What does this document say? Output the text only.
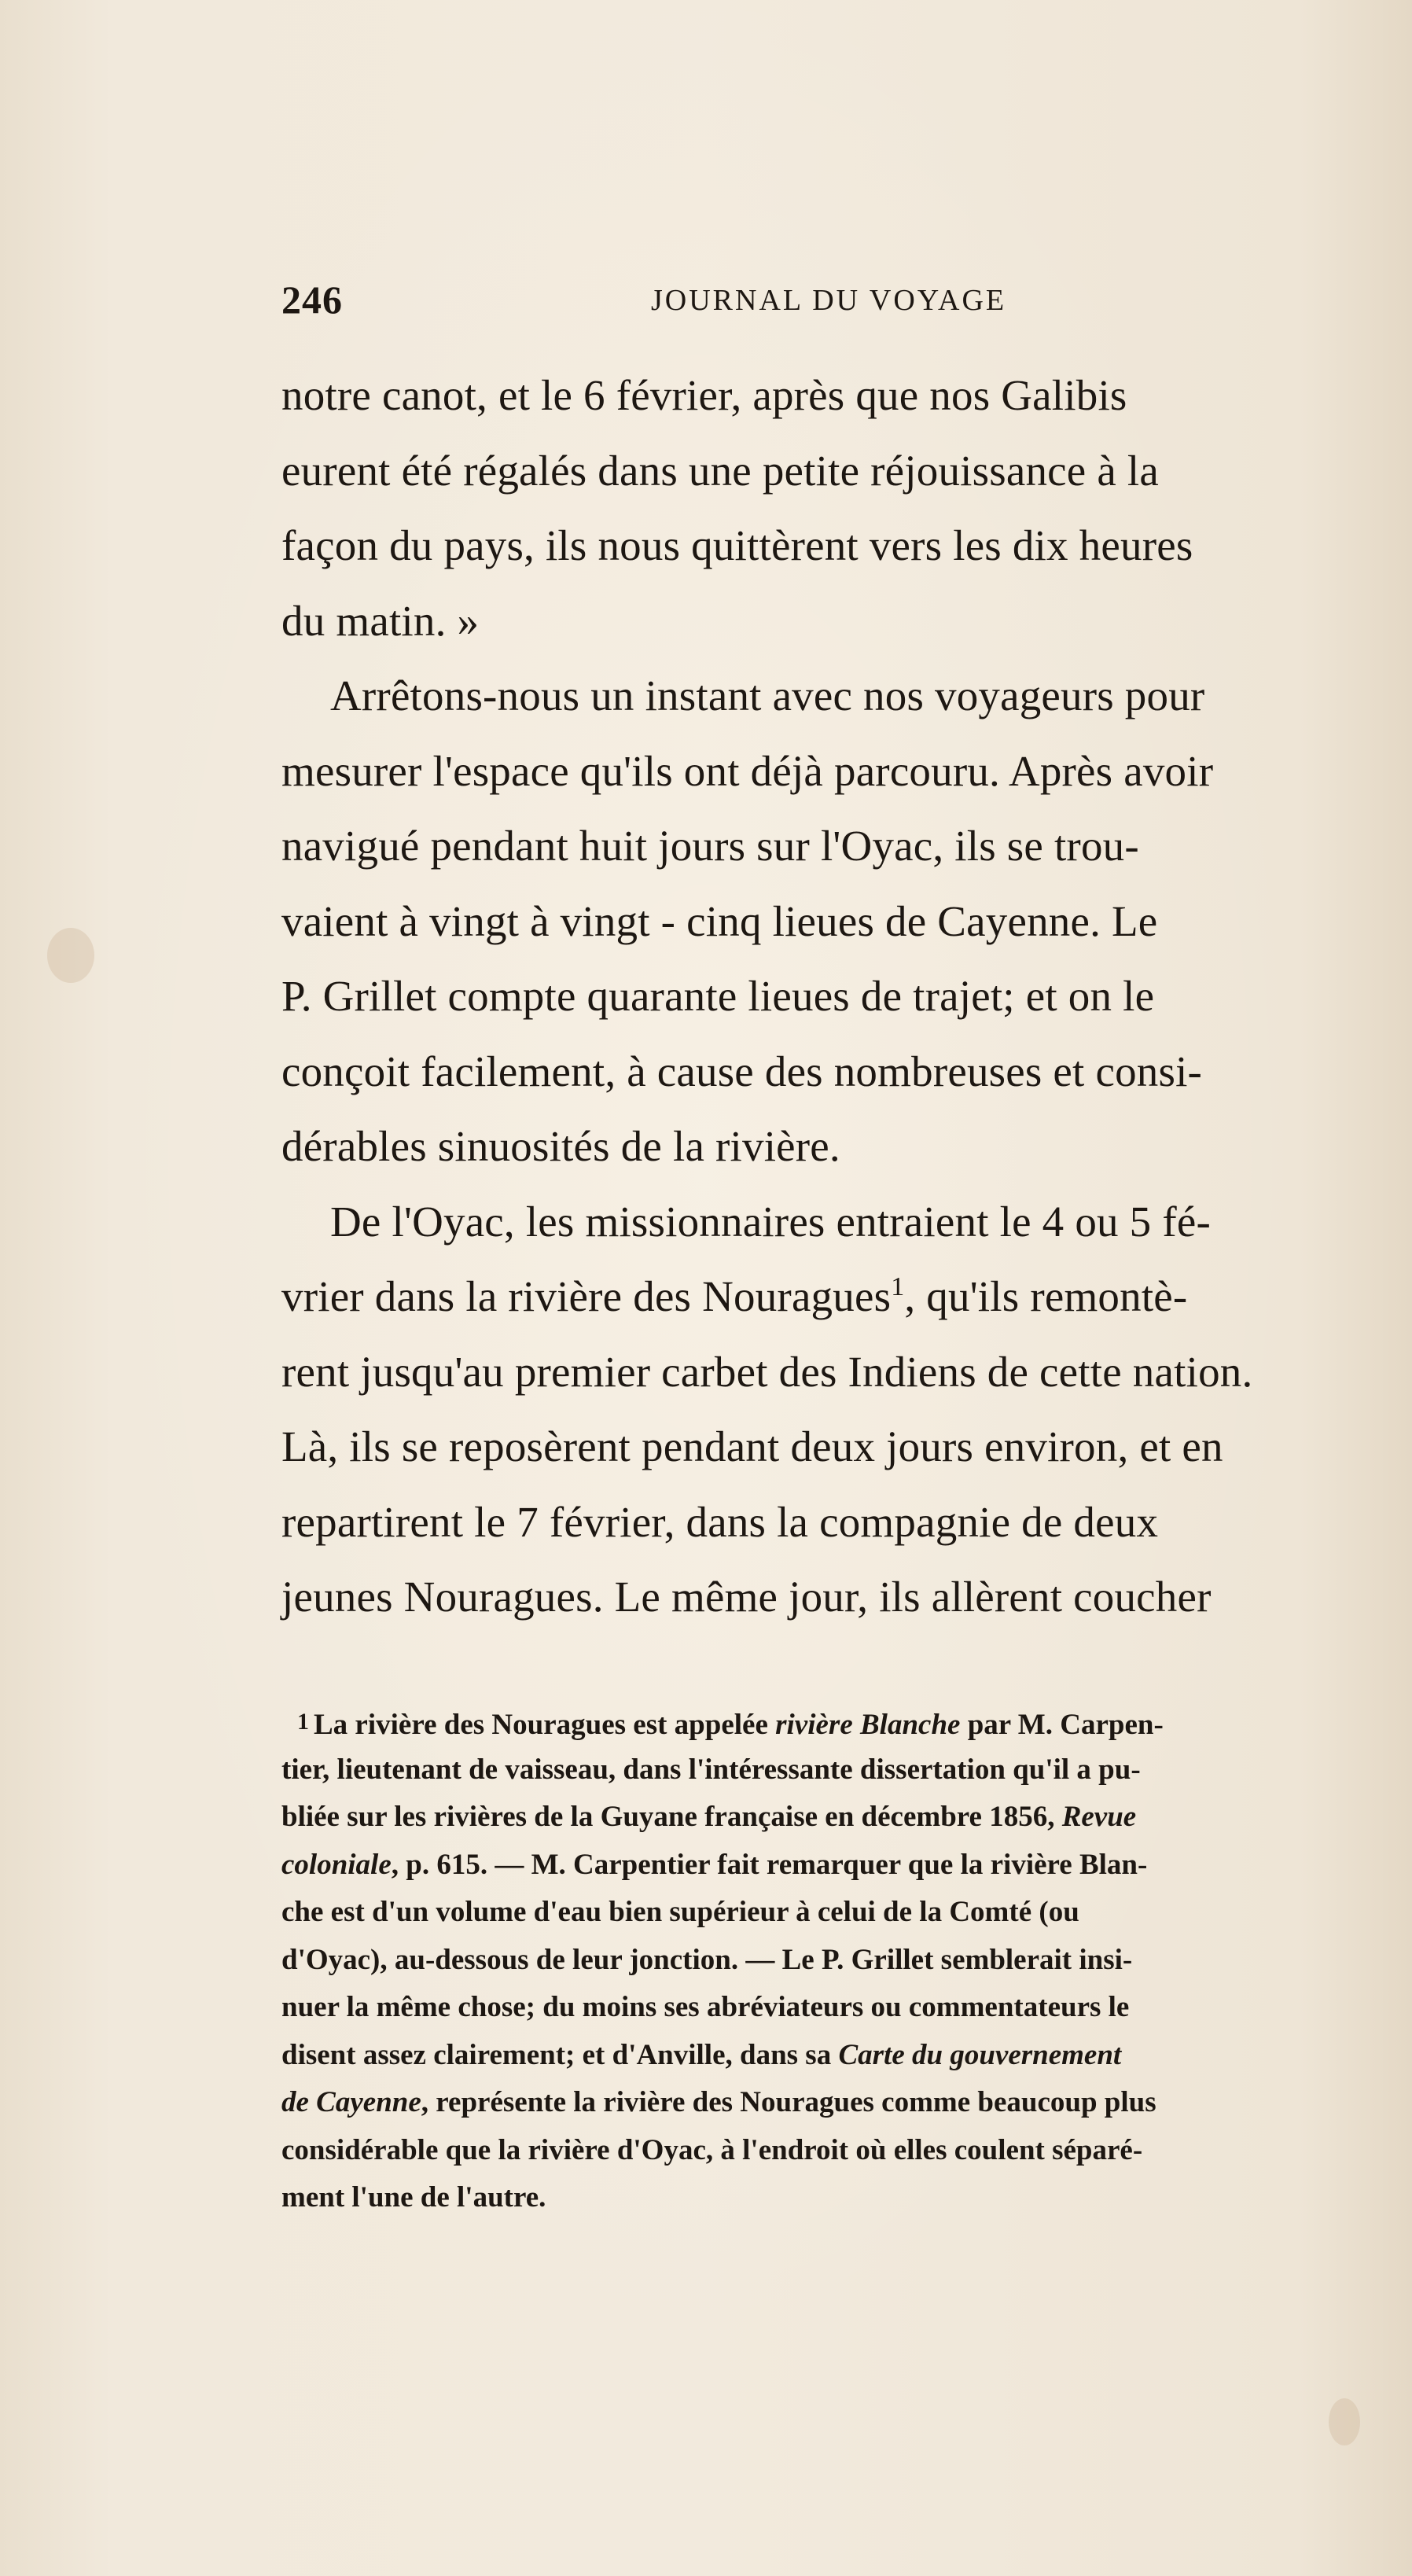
246	JOURNAL DU VOYAGE
notre canot, et le 6 février, après que nos Galibis
eurent été régalés dans une petite réjouissance à la
façon du pays, ils nous quittèrent vers les dix heures
du matin. »
Arrêtons-nous un instant avec nos voyageurs pour
mesurer l'espace qu'ils ont déjà parcouru. Après avoir
navigué pendant huit jours sur l'Oyac, ils se trou-
vaient à vingt à vingt - cinq lieues de Cayenne. Le
P. Grillet compte quarante lieues de trajet; et on le
conçoit facilement, à cause des nombreuses et consi-
dérables sinuosités de la rivière.
De l'Oyac, les missionnaires entraient le 4 ou 5 fé-
vrier dans la rivière des Nouragues$^1$, qu'ils remontè-
rent jusqu'au premier carbet des Indiens de cette nation.
Là, ils se reposèrent pendant deux jours environ, et en
repartirent le 7 février, dans la compagnie de deux
jeunes Nouragues. Le même jour, ils allèrent coucher
1 La rivière des Nouragues est appelée rivière Blanche par M. Carpen-
tier, lieutenant de vaisseau, dans l'intéressante dissertation qu'il a pu-
bliée sur les rivières de la Guyane française en décembre 1856, Revue
coloniale, p. 615. — M. Carpentier fait remarquer que la rivière Blan-
che est d'un volume d'eau bien supérieur à celui de la Comté (ou
d'Oyac), au-dessous de leur jonction. — Le P. Grillet semblerait insi-
nuer la même chose; du moins ses abréviateurs ou commentateurs le
disent assez clairement; et d'Anville, dans sa Carte du gouvernement
de Cayenne, représente la rivière des Nouragues comme beaucoup plus
considérable que la rivière d'Oyac, à l'endroit où elles coulent séparé-
ment l'une de l'autre.
